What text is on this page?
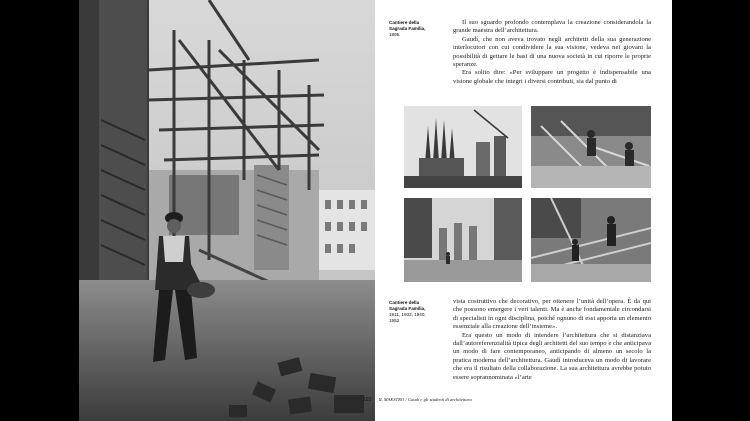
Cantiere della Sagrada Família,
1895.

Il suo sguardo profondo contemplava la creazione considerandola la grande maestra dell’architettura.

Gaudí, che non aveva trovato negli architetti della sua generazione interlocutori con cui condividere la sua visione, vedeva nei giovani la possibilità di gettare le basi di una nuova società in cui riporre le proprie speranze.

Era solito dire: «Per sviluppare un progetto è indispensabile una visione globale che integri i diversi contributi, sia dal punto di

Cantiere della Sagrada Família,
1911, 1932, 1940, 1952.

vista costruttivo che decorativo, per ottenere l’unità dell’opera. È da qui che possono emergere i veri talenti. Ma è anche fondamentale circondarsi di specialisti in ogni disciplina, poiché ognuno di essi apporta un elemento essenziale alla creazione dell’insieme».

Era questo un modo di intendere l’architettura che si distanziava dall’autoreferenzialità tipica degli architetti del suo tempo e che anticipava un modo di fare contemporaneo, anticipando di almeno un secolo la pratica moderna dell’architettura. Gaudí introduceva un modo di lavorare che era il risultato della collaborazione. La sua architettura avrebbe potuto essere soprannominata «l’arte

103 IL MAESTRO / Gaudí e gli studenti di architettura
